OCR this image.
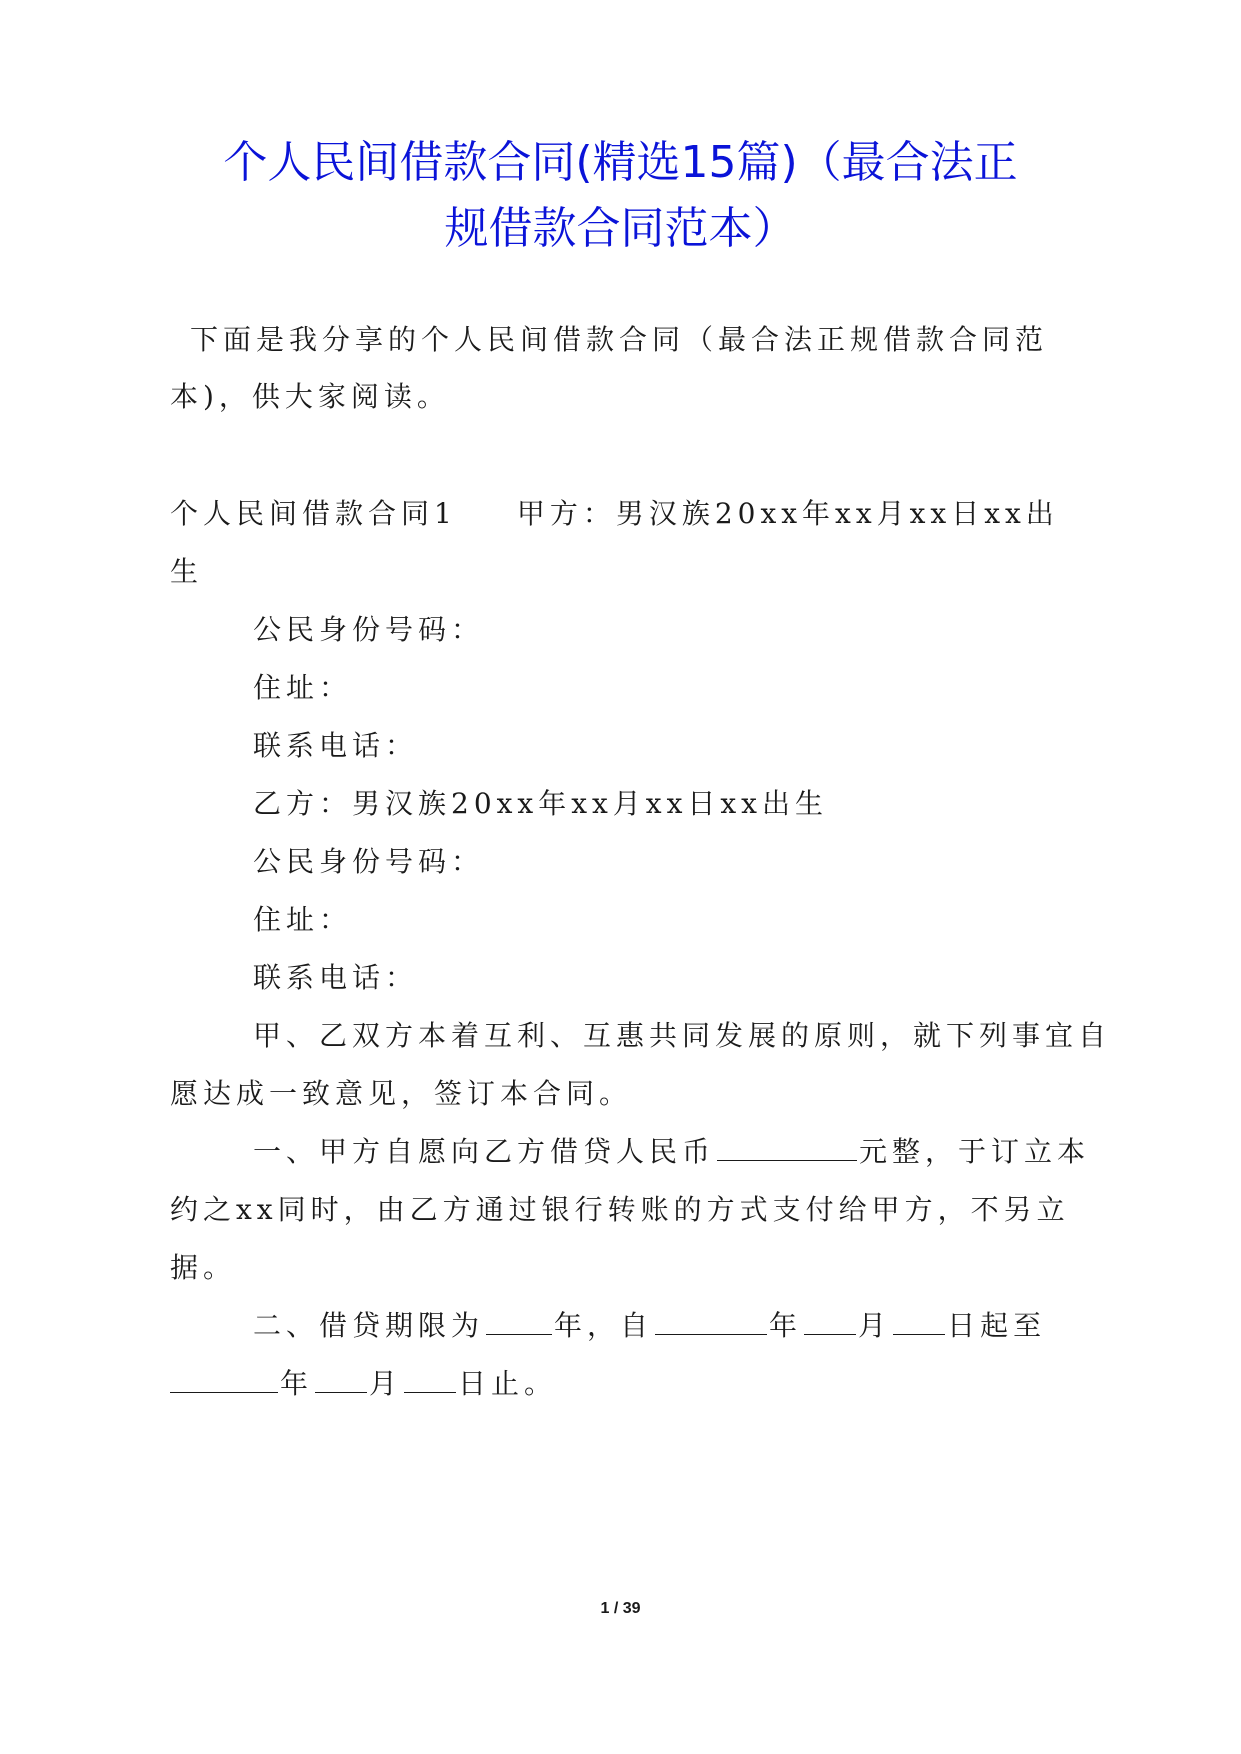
个人民间借款合同(精选15篇)（最合法正
规借款合同范本）
下面是我分享的个人民间借款合同（最合法正规借款合同范
本)，供大家阅读。
个人民间借款合同1 甲方：男汉族20xx年xx月xx日xx出
生
公民身份号码：
住址：
联系电话：
乙方：男汉族20xx年xx月xx日xx出生
公民身份号码：
住址：
联系电话：
甲、乙双方本着互利、互惠共同发展的原则，就下列事宜自
愿达成一致意见，签订本合同。
一、甲方自愿向乙方借贷人民币	元整，于订立本
约之xx同时，由乙方通过银行转账的方式支付给甲方，不另立
据。
二、借贷期限为	年，自	年 月 日起至
年 月 日止。
1 / 39
